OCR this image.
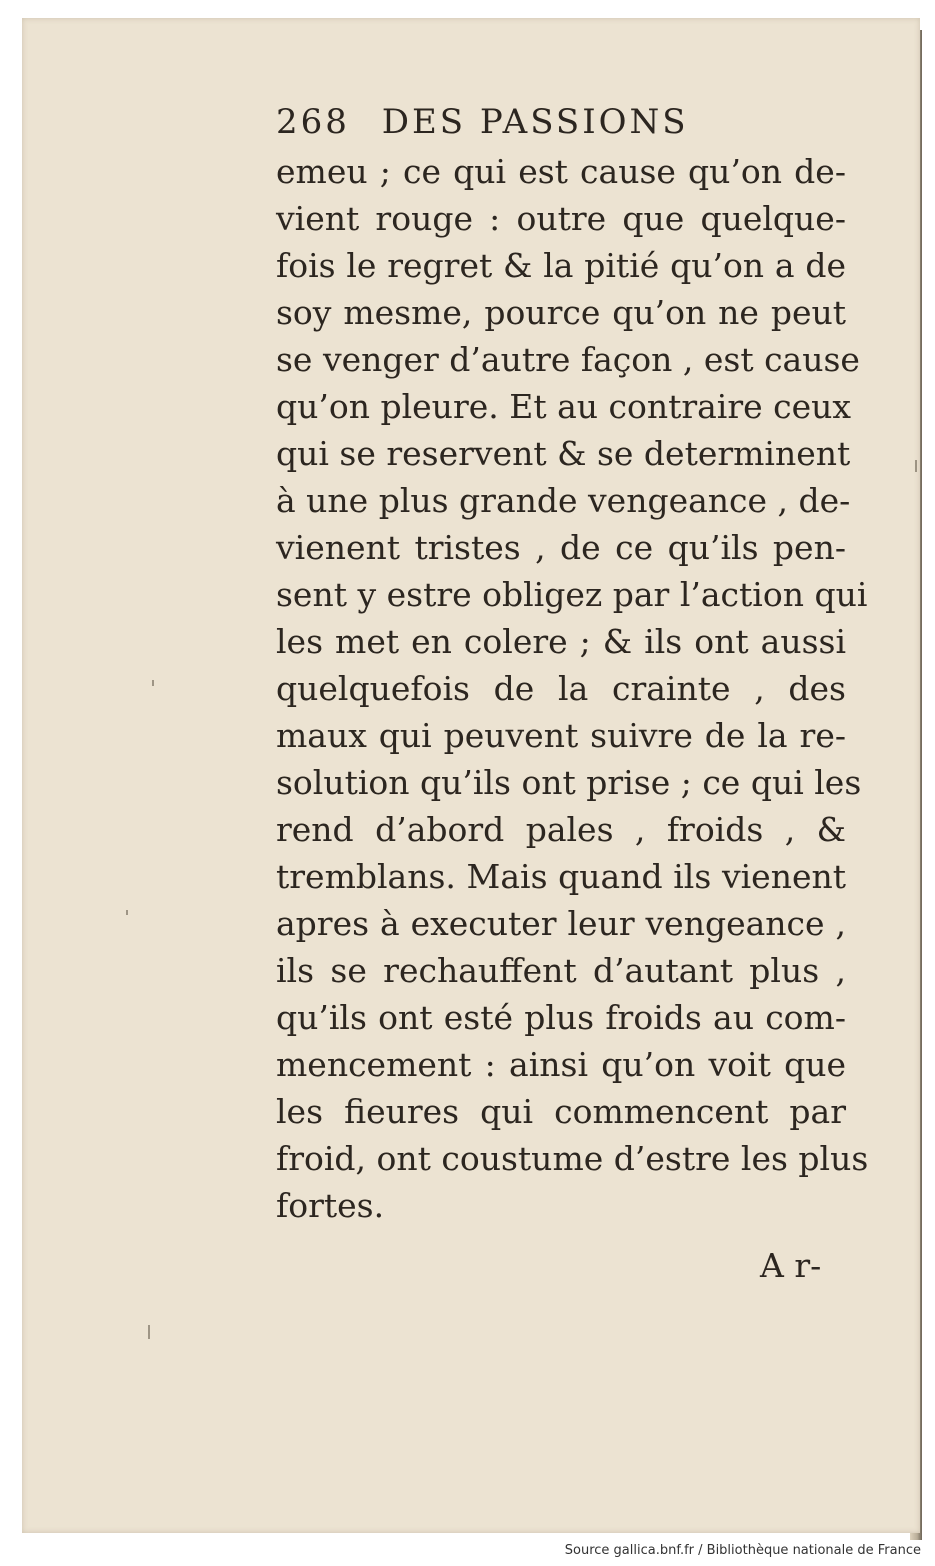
268 DES PASSIONS
emeu ; ce qui est cause qu’on de-
vient rouge : outre que quelque-
fois le regret & la pitié qu’on a de
soy mesme, pource qu’on ne peut
se venger d’autre façon , est cause
qu’on pleure. Et au contraire ceux
qui se reservent & se determinent
à une plus grande vengeance , de-
vienent tristes , de ce qu’ils pen-
sent y estre obligez par l’action qui
les met en colere ; & ils ont aussi
quelquefois de la crainte , des
maux qui peuvent suivre de la re-
solution qu’ils ont prise ; ce qui les
rend d’abord pales , froids , &
tremblans. Mais quand ils vienent
apres à executer leur vengeance ,
ils se rechauffent d’autant plus ,
qu’ils ont esté plus froids au com-
mencement : ainsi qu’on voit que
les fieures qui commencent par
froid, ont coustume d’estre les plus
fortes.
A r-
Source gallica.bnf.fr / Bibliothèque nationale de France
